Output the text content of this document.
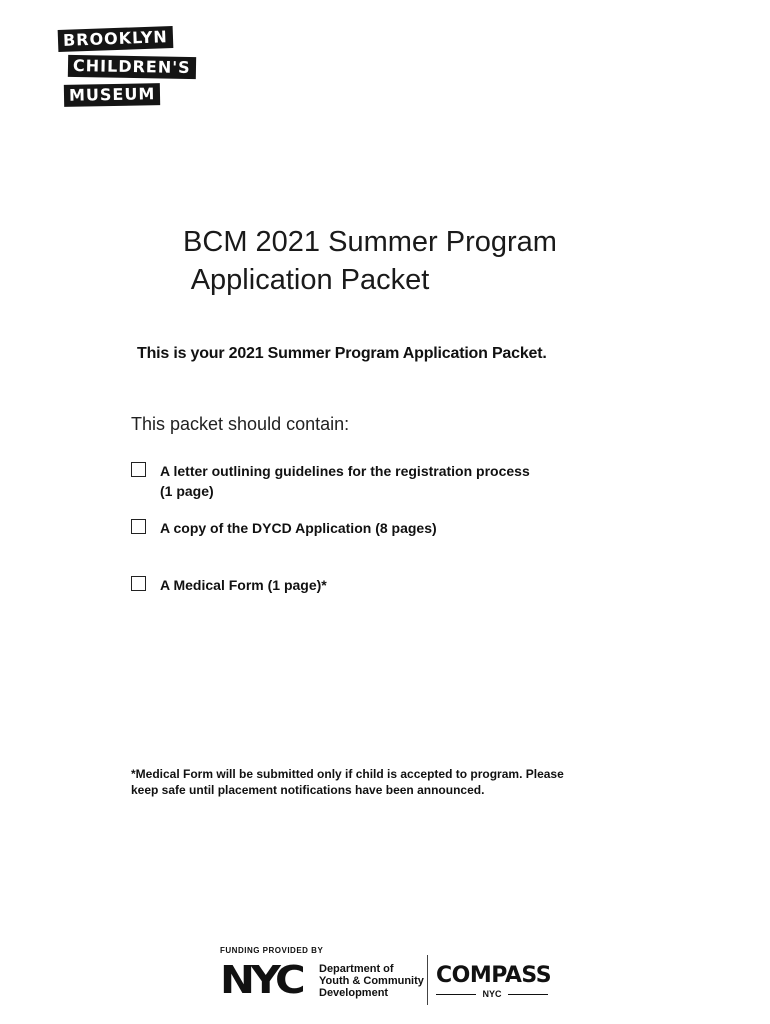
BROOKLYN
CHILDREN'S
MUSEUM
BCM 2021 Summer Program
Application Packet
This is your 2021 Summer Program Application Packet.
This packet should contain:
A letter outlining guidelines for the registration process
(1 page)
A copy of the DYCD Application (8 pages)
A Medical Form (1 page)*
*Medical Form will be submitted only if child is accepted to program. Please
keep safe until placement notifications have been announced.
FUNDING PROVIDED BY
NYC Department of
Youth & Community
Development
COMPASS
NYC
